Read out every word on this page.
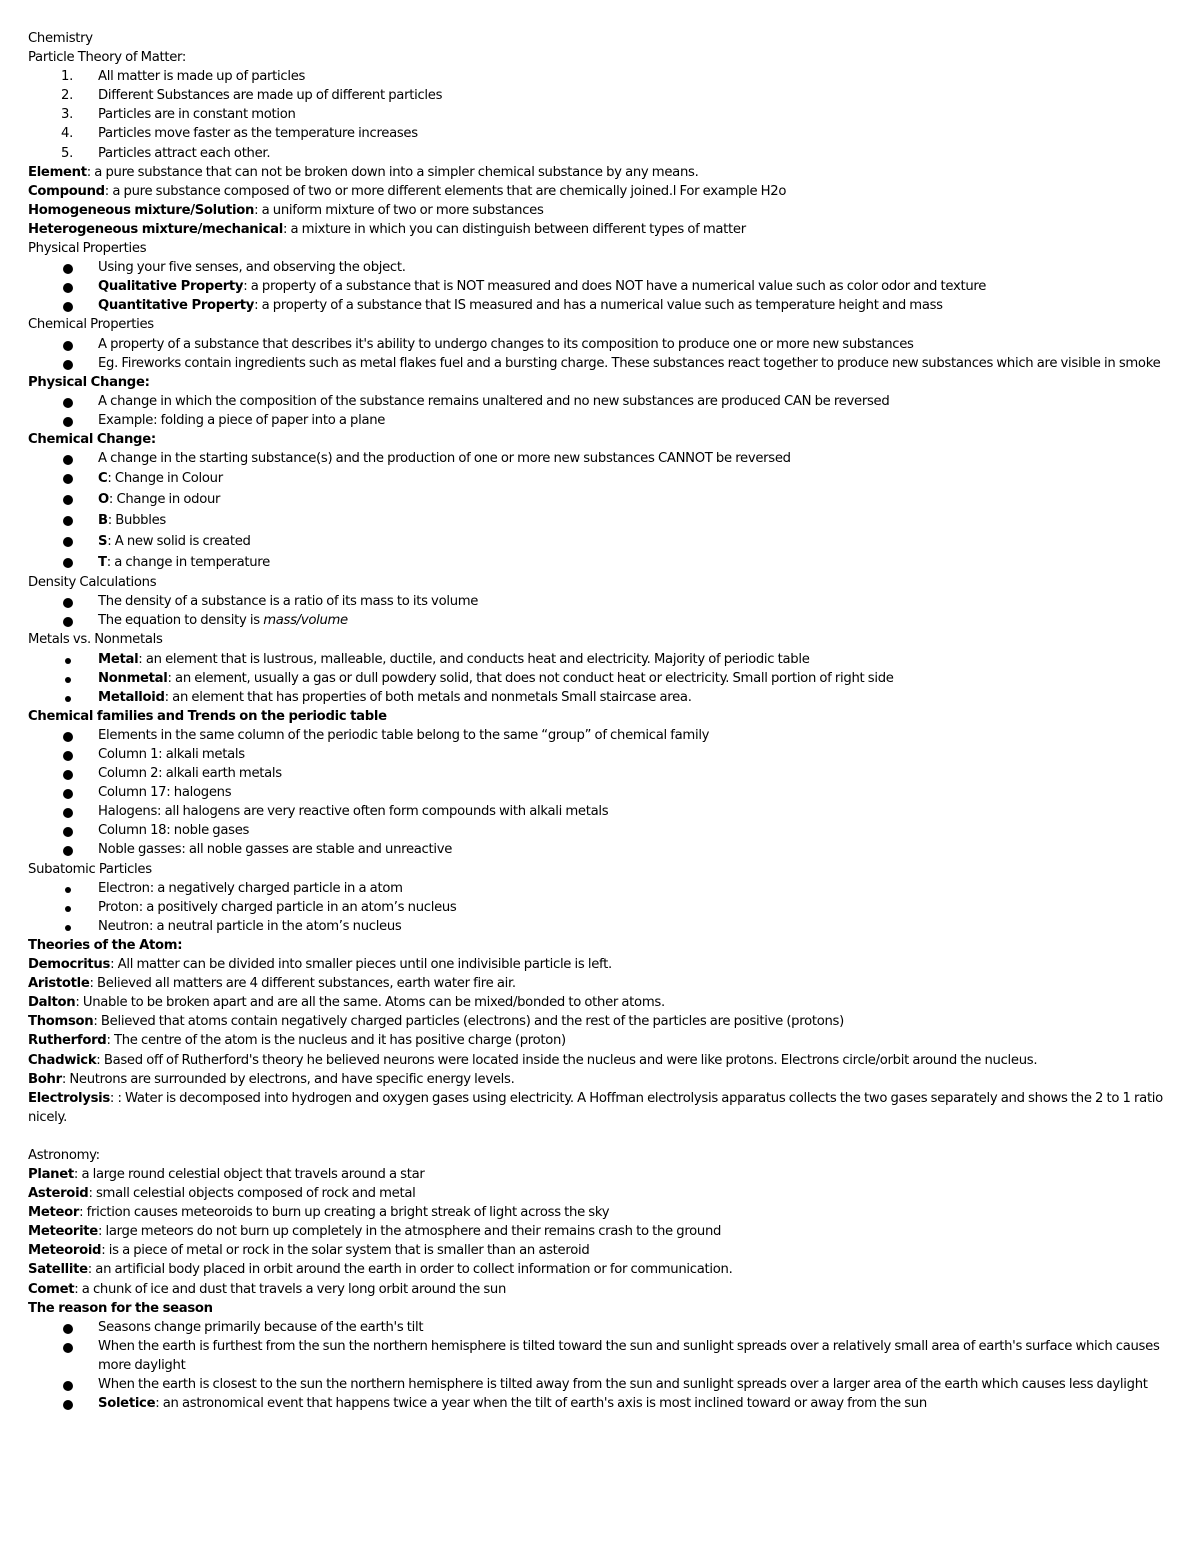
Chemistry
Particle Theory of Matter:
1.	All matter is made up of particles
2.	Different Substances are made up of different particles
3.	Particles are in constant motion
4.	Particles move faster as the temperature increases
5.	Particles attract each other.
Element: a pure substance that can not be broken down into a simpler chemical substance by any means.
Compound: a pure substance composed of two or more different elements that are chemically joined.l For example H2o
Homogeneous mixture/Solution: a uniform mixture of two or more substances
Heterogeneous mixture/mechanical: a mixture in which you can distinguish between different types of matter
Physical Properties
Using your five senses, and observing the object.
Qualitative Property: a property of a substance that is NOT measured and does NOT have a numerical value such as color odor and texture
Quantitative Property: a property of a substance that IS measured and has a numerical value such as temperature height and mass
Chemical Properties
A property of a substance that describes it's ability to undergo changes to its composition to produce one or more new substances
Eg. Fireworks contain ingredients such as metal flakes fuel and a bursting charge. These substances react together to produce new substances which are visible in smoke
Physical Change:
A change in which the composition of the substance remains unaltered and no new substances are produced CAN be reversed
Example: folding a piece of paper into a plane
Chemical Change:
A change in the starting substance(s) and the production of one or more new substances CANNOT be reversed
C: Change in Colour
O: Change in odour
B: Bubbles
S: A new solid is created
T: a change in temperature
Density Calculations
The density of a substance is a ratio of its mass to its volume
The equation to density is mass/volume
Metals vs. Nonmetals
Metal: an element that is lustrous, malleable, ductile, and conducts heat and electricity. Majority of periodic table
Nonmetal: an element, usually a gas or dull powdery solid, that does not conduct heat or electricity. Small portion of right side
Metalloid: an element that has properties of both metals and nonmetals Small staircase area.
Chemical families and Trends on the periodic table
Elements in the same column of the periodic table belong to the same “group” of chemical family
Column 1: alkali metals
Column 2: alkali earth metals
Column 17: halogens
Halogens: all halogens are very reactive often form compounds with alkali metals
Column 18: noble gases
Noble gasses: all noble gasses are stable and unreactive
Subatomic Particles
Electron: a negatively charged particle in a atom
Proton: a positively charged particle in an atom’s nucleus
Neutron: a neutral particle in the atom’s nucleus
Theories of the Atom:
Democritus: All matter can be divided into smaller pieces until one indivisible particle is left.
Aristotle: Believed all matters are 4 different substances, earth water fire air.
Dalton: Unable to be broken apart and are all the same. Atoms can be mixed/bonded to other atoms.
Thomson: Believed that atoms contain negatively charged particles (electrons) and the rest of the particles are positive (protons)
Rutherford: The centre of the atom is the nucleus and it has positive charge (proton)
Chadwick: Based off of Rutherford's theory he believed neurons were located inside the nucleus and were like protons. Electrons circle/orbit around the nucleus.
Bohr: Neutrons are surrounded by electrons, and have specific energy levels.
Electrolysis: : Water is decomposed into hydrogen and oxygen gases using electricity. A Hoffman electrolysis apparatus collects the two gases separately and shows the 2 to 1 ratio nicely.
Astronomy:
Planet: a large round celestial object that travels around a star
Asteroid: small celestial objects composed of rock and metal
Meteor: friction causes meteoroids to burn up creating a bright streak of light across the sky
Meteorite: large meteors do not burn up completely in the atmosphere and their remains crash to the ground
Meteoroid: is a piece of metal or rock in the solar system that is smaller than an asteroid
Satellite: an artificial body placed in orbit around the earth in order to collect information or for communication.
Comet: a chunk of ice and dust that travels a very long orbit around the sun
The reason for the season
Seasons change primarily because of the earth's tilt
When the earth is furthest from the sun the northern hemisphere is tilted toward the sun and sunlight spreads over a relatively small area of earth's surface which causes more daylight
When the earth is closest to the sun the northern hemisphere is tilted away from the sun and sunlight spreads over a larger area of the earth which causes less daylight
Soletice: an astronomical event that happens twice a year when the tilt of earth's axis is most inclined toward or away from the sun
